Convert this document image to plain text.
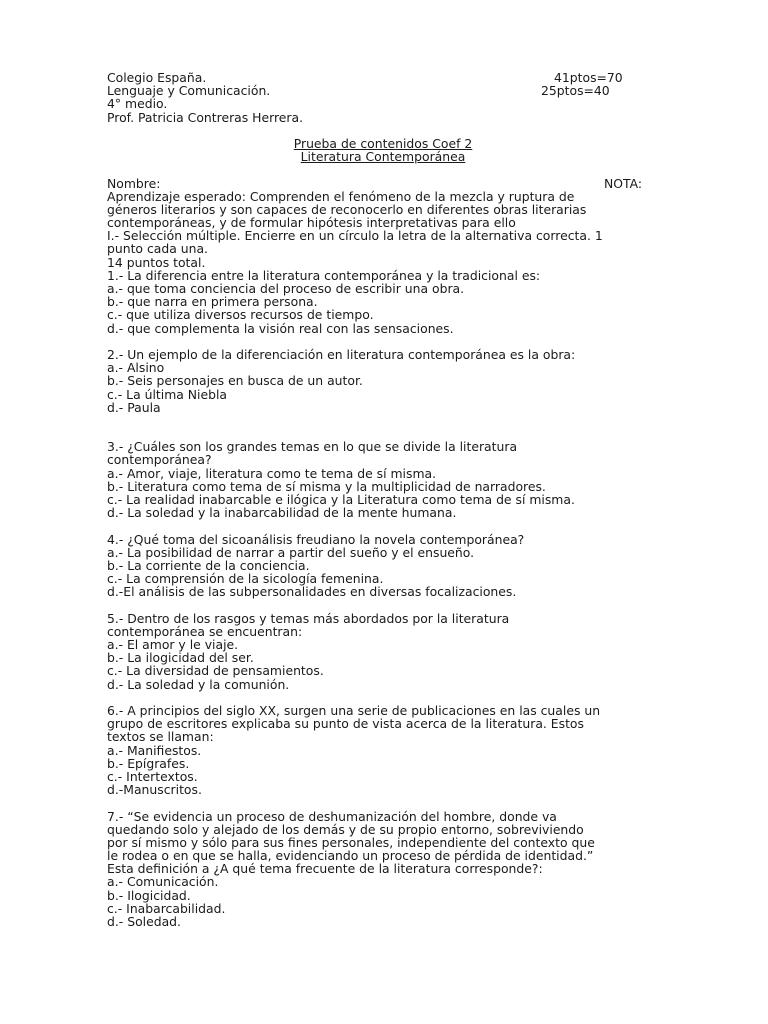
Colegio España.	41ptos=70
Lenguaje y Comunicación.	25ptos=40
4° medio.
Prof. Patricia Contreras Herrera.
Prueba de contenidos Coef 2
Literatura Contemporánea
Nombre:	NOTA:
Aprendizaje esperado: Comprenden el fenómeno de la mezcla y ruptura de
géneros literarios y son capaces de reconocerlo en diferentes obras literarias
contemporáneas, y de formular hipótesis interpretativas para ello
I.- Selección múltiple. Encierre en un círculo la letra de la alternativa correcta. 1
punto cada una.
14 puntos total.
1.- La diferencia entre la literatura contemporánea y la tradicional es:
a.- que toma conciencia del proceso de escribir una obra.
b.- que narra en primera persona.
c.- que utiliza diversos recursos de tiempo.
d.- que complementa la visión real con las sensaciones.
2.- Un ejemplo de la diferenciación en literatura contemporánea es la obra:
a.- Alsino
b.- Seis personajes en busca de un autor.
c.- La última Niebla
d.- Paula
3.- ¿Cuáles son los grandes temas en lo que se divide la literatura
contemporánea?
a.- Amor, viaje, literatura como te tema de sí misma.
b.- Literatura como tema de sí misma y la multiplicidad de narradores.
c.- La realidad inabarcable e ilógica y la Literatura como tema de sí misma.
d.- La soledad y la inabarcabilidad de la mente humana.
4.- ¿Qué toma del sicoanálisis freudiano la novela contemporánea?
a.- La posibilidad de narrar a partir del sueño y el ensueño.
b.- La corriente de la conciencia.
c.- La comprensión de la sicología femenina.
d.-El análisis de las subpersonalidades en diversas focalizaciones.
5.- Dentro de los rasgos y temas más abordados por la literatura
contemporánea se encuentran:
a.- El amor y le viaje.
b.- La ilogicidad del ser.
c.- La diversidad de pensamientos.
d.- La soledad y la comunión.
6.- A principios del siglo XX, surgen una serie de publicaciones en las cuales un
grupo de escritores explicaba su punto de vista acerca de la literatura. Estos
textos se llaman:
a.- Manifiestos.
b.- Epígrafes.
c.- Intertextos.
d.-Manuscritos.
7.- “Se evidencia un proceso de deshumanización del hombre, donde va
quedando solo y alejado de los demás y de su propio entorno, sobreviviendo
por sí mismo y sólo para sus fines personales, independiente del contexto que
le rodea o en que se halla, evidenciando un proceso de pérdida de identidad.”
Esta definición a ¿A qué tema frecuente de la literatura corresponde?:
a.- Comunicación.
b.- Ilogicidad.
c.- Inabarcabilidad.
d.- Soledad.
